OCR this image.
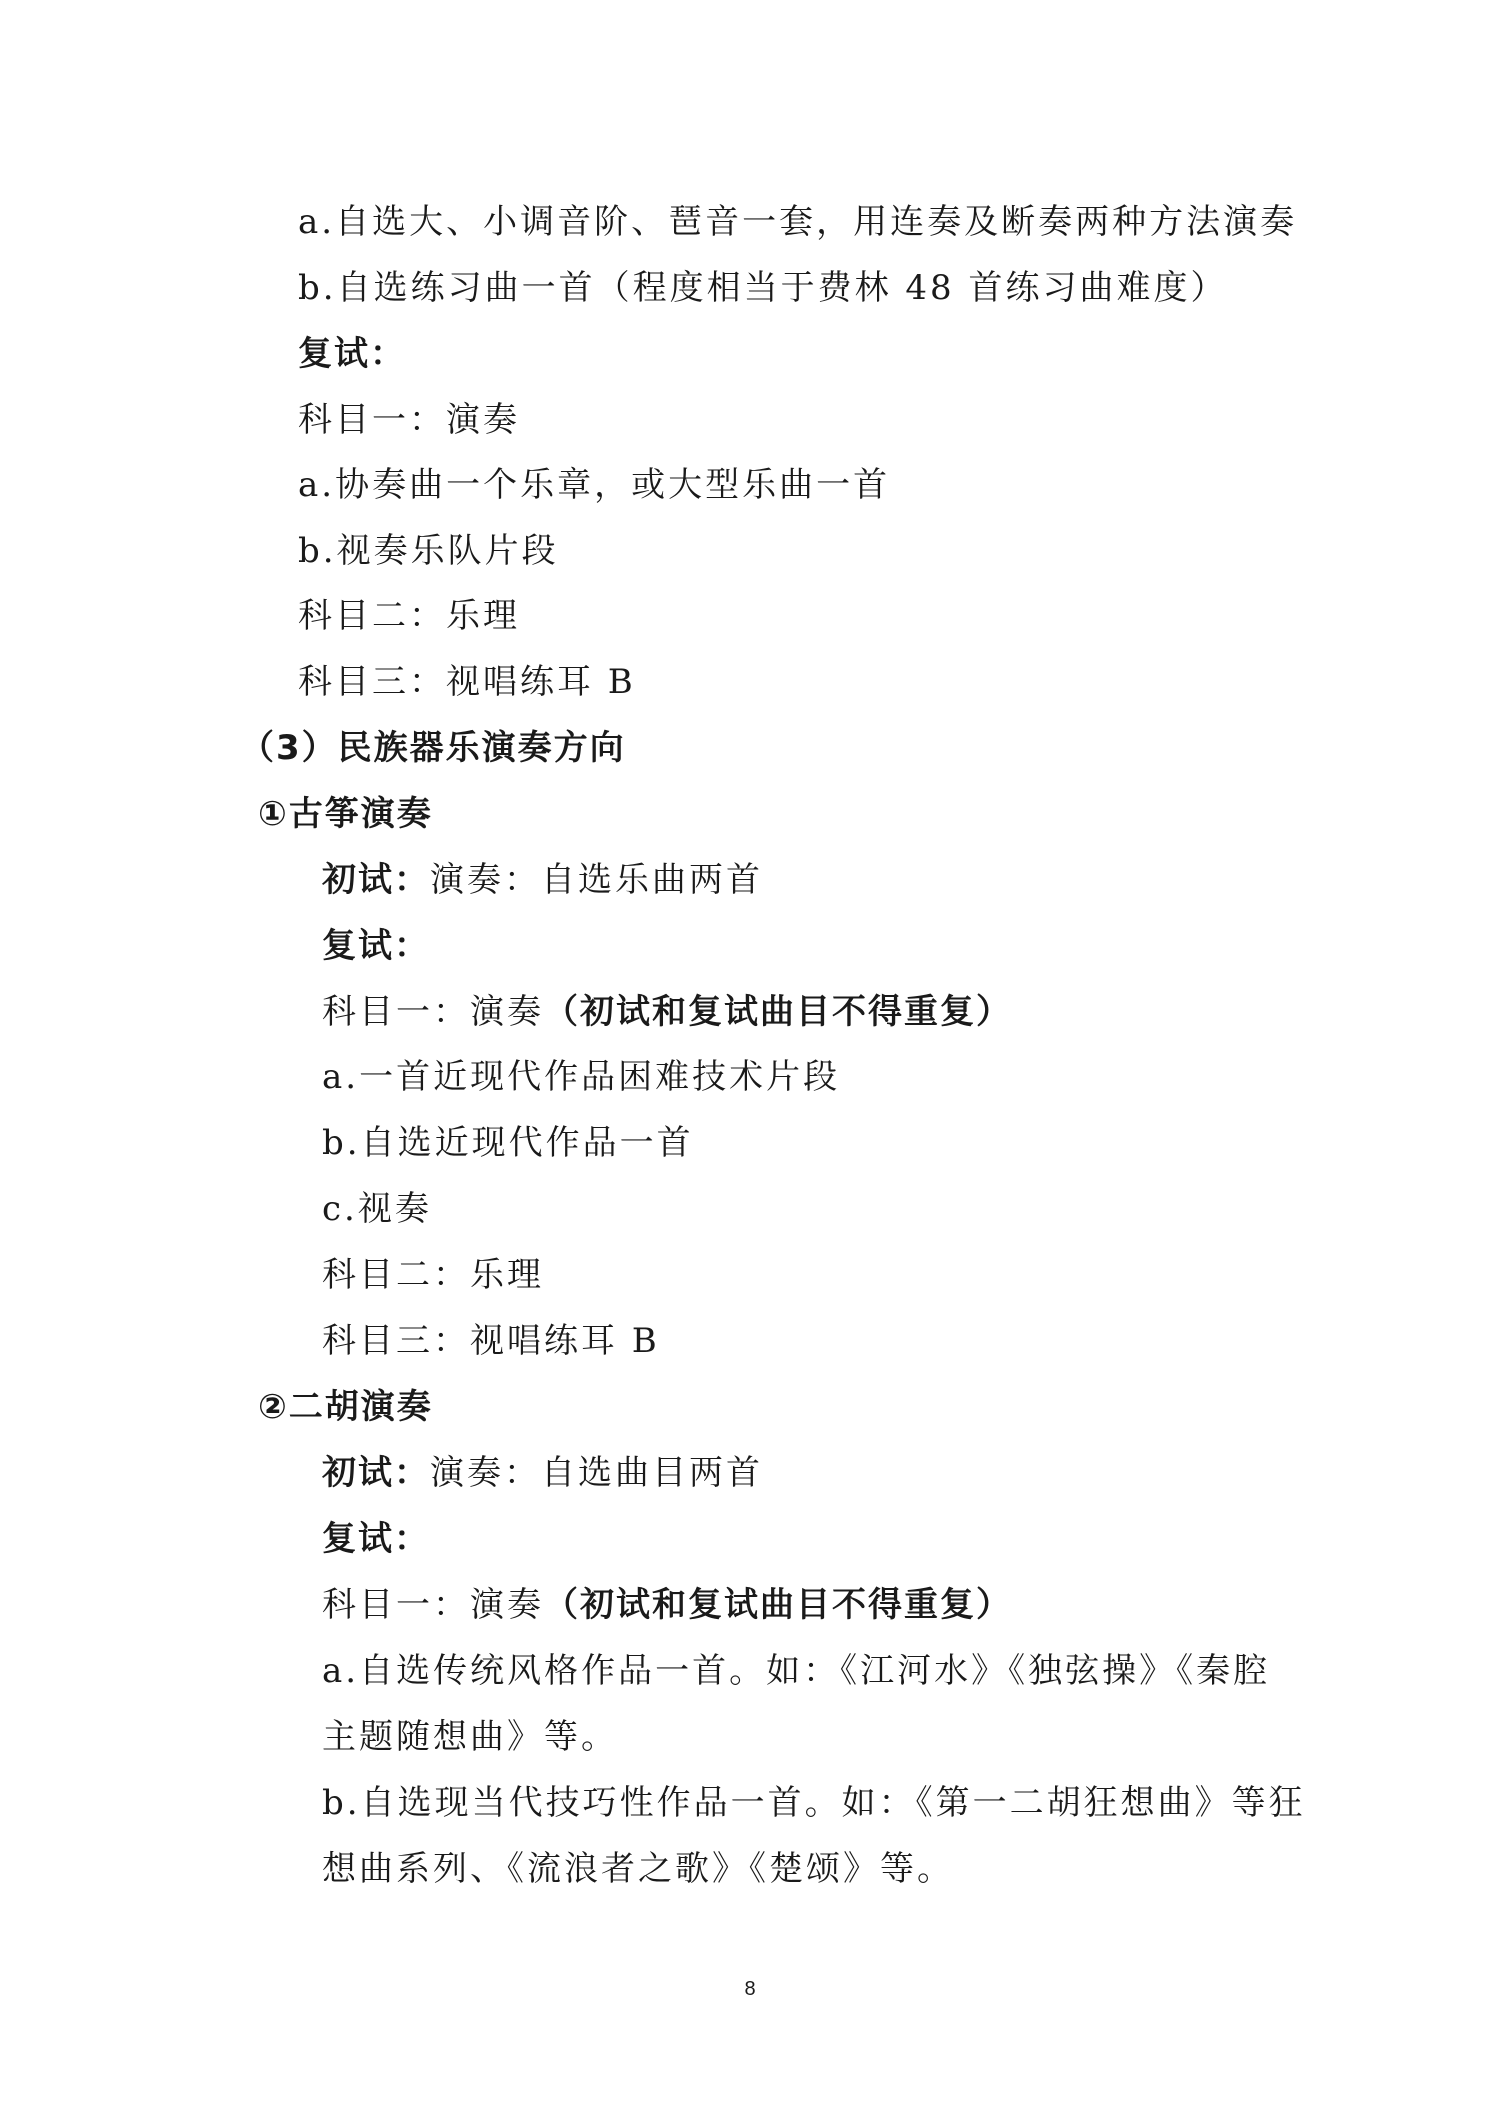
a.自选大、小调音阶、琶音一套，用连奏及断奏两种方法演奏
b.自选练习曲一首（程度相当于费林 48 首练习曲难度）
复试：
科目一：演奏
a.协奏曲一个乐章，或大型乐曲一首
b.视奏乐队片段
科目二：乐理
科目三：视唱练耳 B
（3）民族器乐演奏方向
①古筝演奏
初试：演奏：自选乐曲两首
复试：
科目一：演奏（初试和复试曲目不得重复）
a.一首近现代作品困难技术片段
b.自选近现代作品一首
c.视奏
科目二：乐理
科目三：视唱练耳 B
②二胡演奏
初试：演奏：自选曲目两首
复试：
科目一：演奏（初试和复试曲目不得重复）
a.自选传统风格作品一首。如：《江河水》《独弦操》《秦腔
主题随想曲》等。
b.自选现当代技巧性作品一首。如：《第一二胡狂想曲》等狂
想曲系列、《流浪者之歌》《楚颂》等。
8
